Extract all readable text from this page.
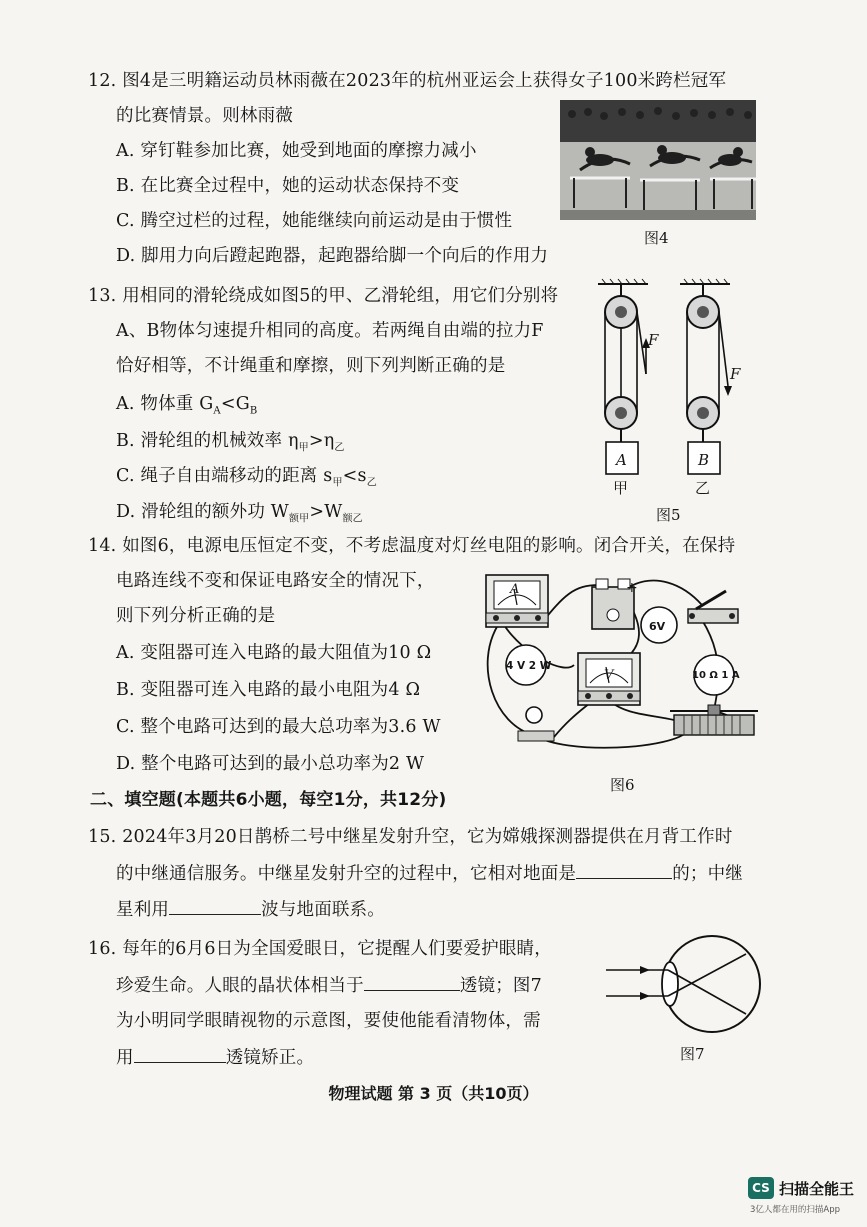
12. 图4是三明籍运动员林雨薇在2023年的杭州亚运会上获得女子100米跨栏冠军
的比赛情景。则林雨薇
A. 穿钉鞋参加比赛，她受到地面的摩擦力减小
B. 在比赛全过程中，她的运动状态保持不变
C. 腾空过栏的过程，她能继续向前运动是由于惯性
D. 脚用力向后蹬起跑器，起跑器给脚一个向后的作用力
图4
13. 用相同的滑轮绕成如图5的甲、乙滑轮组，用它们分别将
A、B物体匀速提升相同的高度。若两绳自由端的拉力F
恰好相等，不计绳重和摩擦，则下列判断正确的是
A. 物体重 $G_A<G_B$
B. 滑轮组的机械效率 $\eta_甲>\eta_乙$
C. 绳子自由端移动的距离 $s_甲<s_乙$
D. 滑轮组的额外功 $W_{额甲}>W_{额乙}$
F
F
A	B
甲	乙
图5
14. 如图6，电源电压恒定不变，不考虑温度对灯丝电阻的影响。闭合开关，在保持
电路连线不变和保证电路安全的情况下，
则下列分析正确的是
A. 变阻器可连入电路的最大阻值为10 Ω
B. 变阻器可连入电路的最小电阻为4 Ω
C. 整个电路可达到的最大总功率为3.6 W
D. 整个电路可达到的最小总功率为2 W
A
V
+
6V
4 V 2 W
10 Ω 1 A
图6
二、填空题(本题共6小题，每空1分，共12分)
15. 2024年3月20日鹊桥二号中继星发射升空，它为嫦娥探测器提供在月背工作时
的中继通信服务。中继星发射升空的过程中，它相对地面是	的；中继
星利用	波与地面联系。
16. 每年的6月6日为全国爱眼日，它提醒人们要爱护眼睛，
珍爱生命。人眼的晶状体相当于	透镜；图7
为小明同学眼睛视物的示意图，要使他能看清物体，需
用	透镜矫正。	图7
物理试题 第 3 页（共10页）
CS 扫描全能王
3亿人都在用的扫描App
